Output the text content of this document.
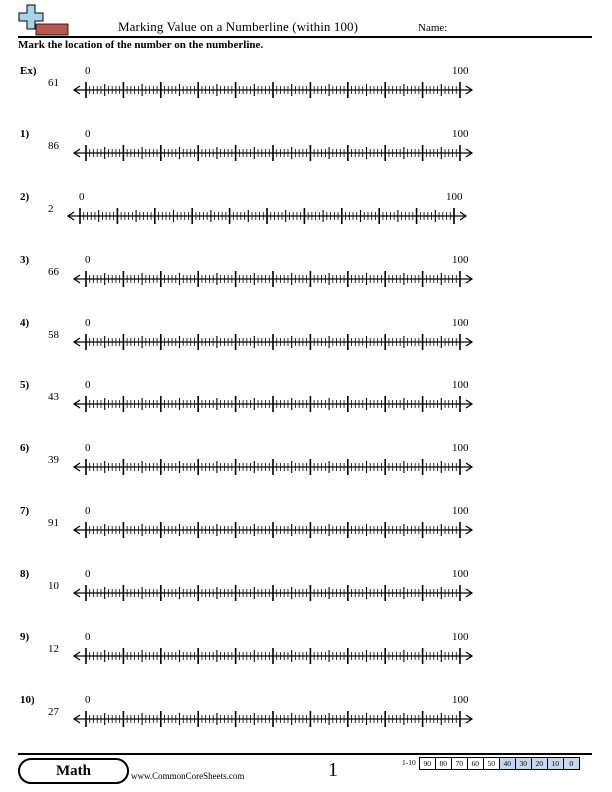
Marking Value on a Numberline (within 100)	Name:
Mark the location of the number on the numberline.
Ex)
61
0	100
1)
86
0	100
2)
2
0	100
3)
66
0	100
4)
58
0	100
5)
43
0	100
6)
39
0	100
7)
91
0	100
8)
10
0	100
9)
12
0	100
10)
27
0	100
Math	www.CommonCoreSheets.com	1	1-10	90	80	70	60	50	40	30	20	10	0
